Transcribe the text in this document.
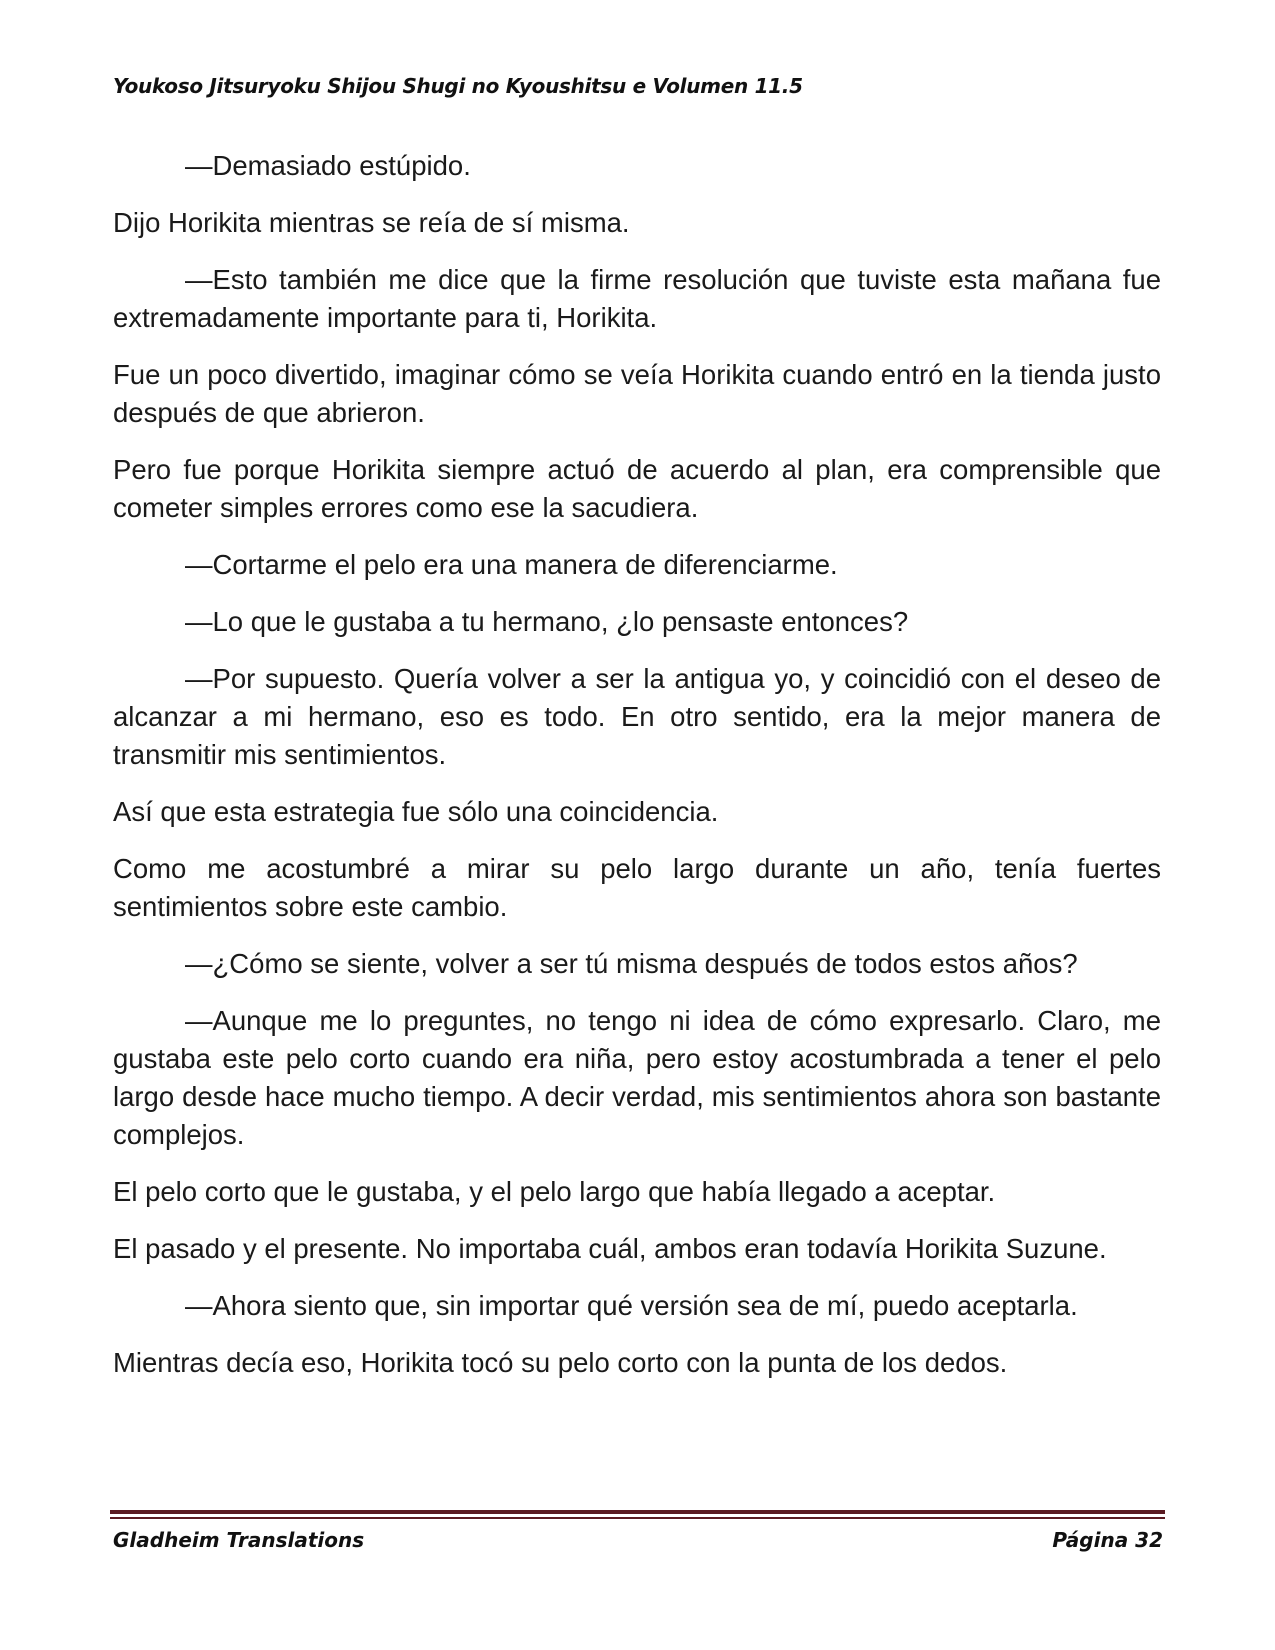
Youkoso Jitsuryoku Shijou Shugi no Kyoushitsu e Volumen 11.5

—Demasiado estúpido.

Dijo Horikita mientras se reía de sí misma.

—Esto también me dice que la firme resolución que tuviste esta mañana fue extremadamente importante para ti, Horikita.

Fue un poco divertido, imaginar cómo se veía Horikita cuando entró en la tienda justo después de que abrieron.

Pero fue porque Horikita siempre actuó de acuerdo al plan, era comprensible que cometer simples errores como ese la sacudiera.

—Cortarme el pelo era una manera de diferenciarme.

—Lo que le gustaba a tu hermano, ¿lo pensaste entonces?

—Por supuesto. Quería volver a ser la antigua yo, y coincidió con el deseo de alcanzar a mi hermano, eso es todo. En otro sentido, era la mejor manera de transmitir mis sentimientos.

Así que esta estrategia fue sólo una coincidencia.

Como me acostumbré a mirar su pelo largo durante un año, tenía fuertes sentimientos sobre este cambio.

—¿Cómo se siente, volver a ser tú misma después de todos estos años?

—Aunque me lo preguntes, no tengo ni idea de cómo expresarlo. Claro, me gustaba este pelo corto cuando era niña, pero estoy acostumbrada a tener el pelo largo desde hace mucho tiempo. A decir verdad, mis sentimientos ahora son bastante complejos.

El pelo corto que le gustaba, y el pelo largo que había llegado a aceptar.

El pasado y el presente. No importaba cuál, ambos eran todavía Horikita Suzune.

—Ahora siento que, sin importar qué versión sea de mí, puedo aceptarla.

Mientras decía eso, Horikita tocó su pelo corto con la punta de los dedos.

Gladheim Translations	Página 32
